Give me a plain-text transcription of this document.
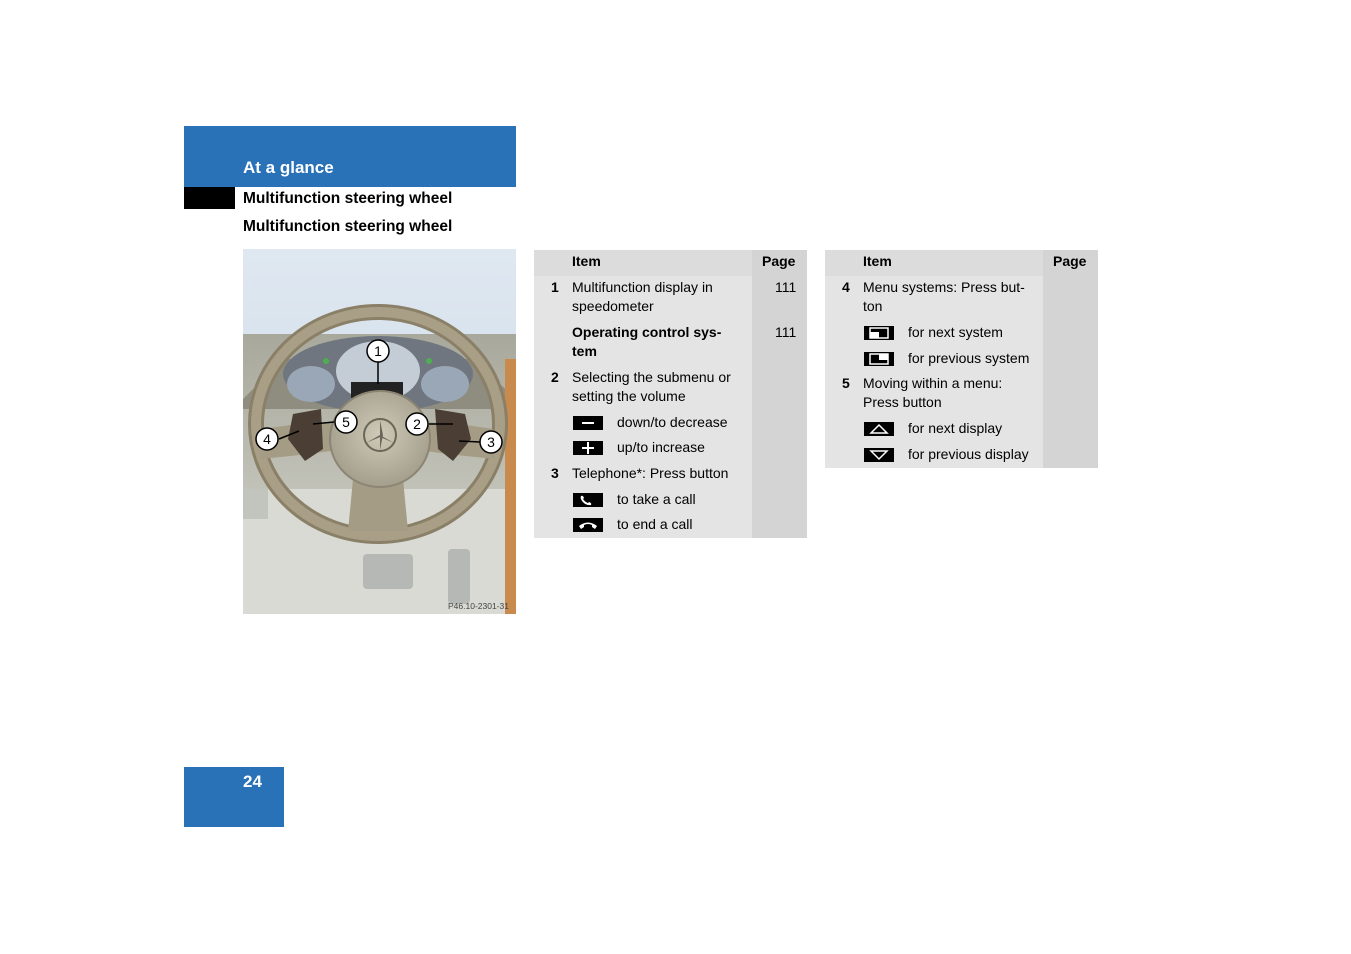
At a glance
Multifunction steering wheel
Multifunction steering wheel
1
2
3
4
5
P46.10-2301-31
Item	Page
1 Multifunction display in
speedometer
111
Operating control sys-
tem
111
2 Selecting the submenu or
setting the volume
down/to decrease
up/to increase
3 Telephone*: Press button
to take a call
to end a call
Item	Page
4 Menu systems: Press but-
ton
for next system
for previous system
5 Moving within a menu:
Press button
for next display
for previous display
24
